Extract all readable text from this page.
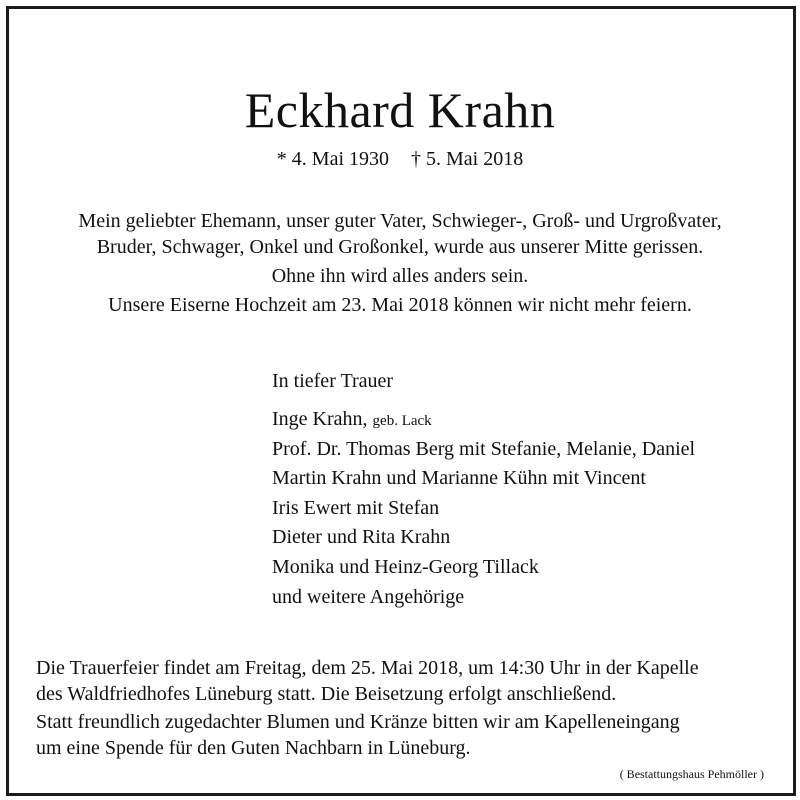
Eckhard Krahn
* 4. Mai 1930 † 5. Mai 2018
Mein geliebter Ehemann, unser guter Vater, Schwieger-, Groß- und Urgroßvater,
Bruder, Schwager, Onkel und Großonkel, wurde aus unserer Mitte gerissen.
Ohne ihn wird alles anders sein.
Unsere Eiserne Hochzeit am 23. Mai 2018 können wir nicht mehr feiern.
In tiefer Trauer
Inge Krahn, geb. Lack
Prof. Dr. Thomas Berg mit Stefanie, Melanie, Daniel
Martin Krahn und Marianne Kühn mit Vincent
Iris Ewert mit Stefan
Dieter und Rita Krahn
Monika und Heinz-Georg Tillack
und weitere Angehörige
Die Trauerfeier findet am Freitag, dem 25. Mai 2018, um 14:30 Uhr in der Kapelle
des Waldfriedhofes Lüneburg statt. Die Beisetzung erfolgt anschließend.
Statt freundlich zugedachter Blumen und Kränze bitten wir am Kapelleneingang
um eine Spende für den Guten Nachbarn in Lüneburg.
( Bestattungshaus Pehmöller )
